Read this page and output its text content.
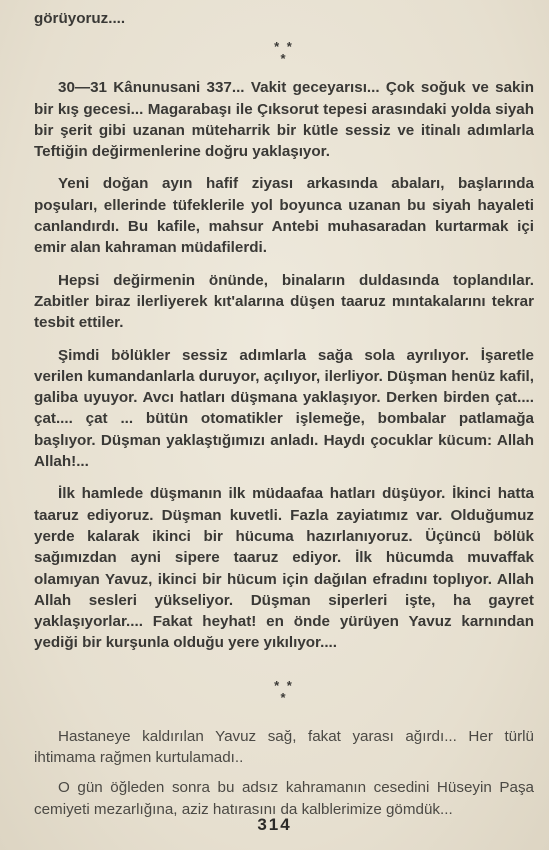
görüyoruz....

* *
*

30—31 Kânunusani 337... Vakit geceyarısı... Çok soğuk ve sakin bir kış gecesi... Magarabaşı ile Çıksorut tepesi arasındaki yolda siyah bir şerit gibi uzanan müteharrik bir kütle sessiz ve itinalı adımlarla Teftiğin değirmenlerine doğru yaklaşıyor.

Yeni doğan ayın hafif ziyası arkasında abaları, başlarında poşuları, ellerinde tüfeklerile yol boyunca uzanan bu siyah hayaleti canlandırdı. Bu kafile, mahsur Antebi muhasaradan kurtarmak içi emir alan kahraman müdafilerdi.

Hepsi değirmenin önünde, binaların duldasında toplandılar. Zabitler biraz ilerliyerek kıt'alarına düşen taaruz mıntakalarını tekrar tesbit ettiler.

Şimdi bölükler sessiz adımlarla sağa sola ayrılıyor. İşaretle verilen kumandanlarla duruyor, açılıyor, ilerliyor. Düşman henüz kafil, galiba uyuyor. Avcı hatları düşmana yaklaşıyor. Derken birden çat.... çat.... çat ... bütün otomatikler işlemeğe, bombalar patlamağa başlıyor. Düşman yaklaştığımızı anladı. Haydı çocuklar kücum: Allah Allah!...

İlk hamlede düşmanın ilk müdaafaa hatları düşüyor. İkinci hatta taaruz ediyoruz. Düşman kuvetli. Fazla zayiatımız var. Olduğumuz yerde kalarak ikinci bir hücuma hazırlanıyoruz. Üçüncü bölük sağımızdan ayni sipere taaruz ediyor. İlk hücumda muvaffak olamıyan Yavuz, ikinci bir hücum için dağılan efradını toplıyor. Allah Allah sesleri yükseliyor. Düşman siperleri işte, ha gayret yaklaşıyorlar.... Fakat heyhat! en önde yürüyen Yavuz karnından yediği bir kurşunla olduğu yere yıkılıyor....

* *
*

Hastaneye kaldırılan Yavuz sağ, fakat yarası ağırdı... Her türlü ihtimama rağmen kurtulamadı..

O gün öğleden sonra bu adsız kahramanın cesedini Hüseyin Paşa cemiyeti mezarlığına, aziz hatırasını da kalblerimize gömdük...

314
